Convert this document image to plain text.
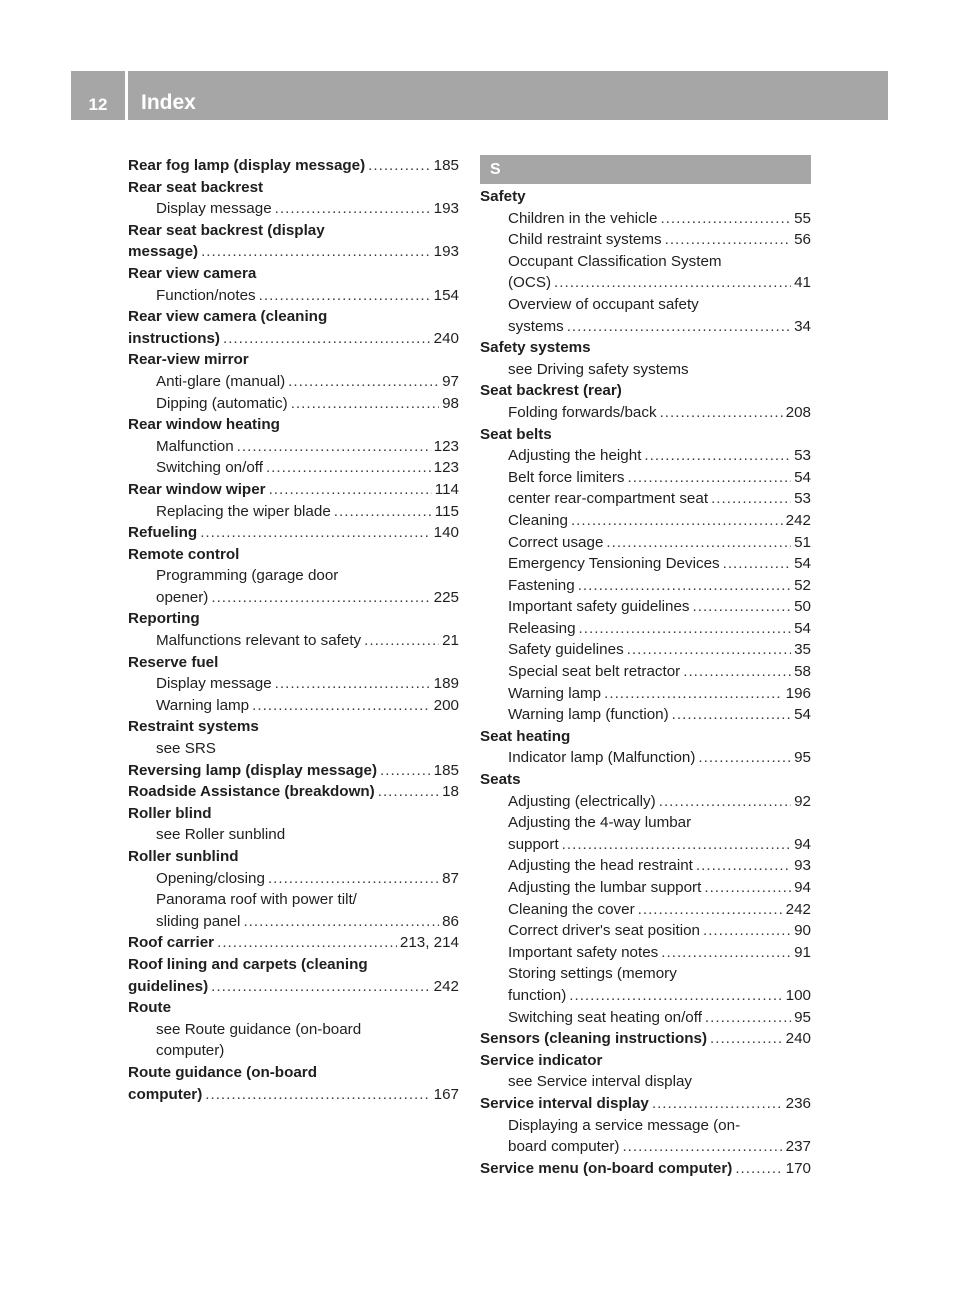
12	Index
Rear fog lamp (display message) .....	185
Rear seat backrest
Display message .....	193
Rear seat backrest (display
message) .....	193
Rear view camera
Function/notes .....	154
Rear view camera (cleaning
instructions) .....	240
Rear-view mirror
Anti-glare (manual) .....	97
Dipping (automatic) .....	98
Rear window heating
Malfunction .....	123
Switching on/off .....	123
Rear window wiper .....	114
Replacing the wiper blade .....	115
Refueling .....	140
Remote control
Programming (garage door
opener) .....	225
Reporting
Malfunctions relevant to safety .....	21
Reserve fuel
Display message .....	189
Warning lamp .....	200
Restraint systems
see SRS
Reversing lamp (display message) .....	185
Roadside Assistance (breakdown) .....	18
Roller blind
see Roller sunblind
Roller sunblind
Opening/closing .....	87
Panorama roof with power tilt/
sliding panel .....	86
Roof carrier .....	213, 214
Roof lining and carpets (cleaning
guidelines) .....	242
Route
see Route guidance (on-board
computer)
Route guidance (on-board
computer) .....	167
S
Safety
Children in the vehicle .....	55
Child restraint systems .....	56
Occupant Classification System
(OCS) .....	41
Overview of occupant safety
systems .....	34
Safety systems
see Driving safety systems
Seat backrest (rear)
Folding forwards/back .....	208
Seat belts
Adjusting the height .....	53
Belt force limiters .....	54
center rear-compartment seat .....	53
Cleaning .....	242
Correct usage .....	51
Emergency Tensioning Devices .....	54
Fastening .....	52
Important safety guidelines .....	50
Releasing .....	54
Safety guidelines .....	35
Special seat belt retractor .....	58
Warning lamp .....	196
Warning lamp (function) .....	54
Seat heating
Indicator lamp (Malfunction) .....	95
Seats
Adjusting (electrically) .....	92
Adjusting the 4-way lumbar
support .....	94
Adjusting the head restraint .....	93
Adjusting the lumbar support .....	94
Cleaning the cover .....	242
Correct driver's seat position .....	90
Important safety notes .....	91
Storing settings (memory
function) .....	100
Switching seat heating on/off .....	95
Sensors (cleaning instructions) .....	240
Service indicator
see Service interval display
Service interval display .....	236
Displaying a service message (on-
board computer) .....	237
Service menu (on-board computer) .....	170
